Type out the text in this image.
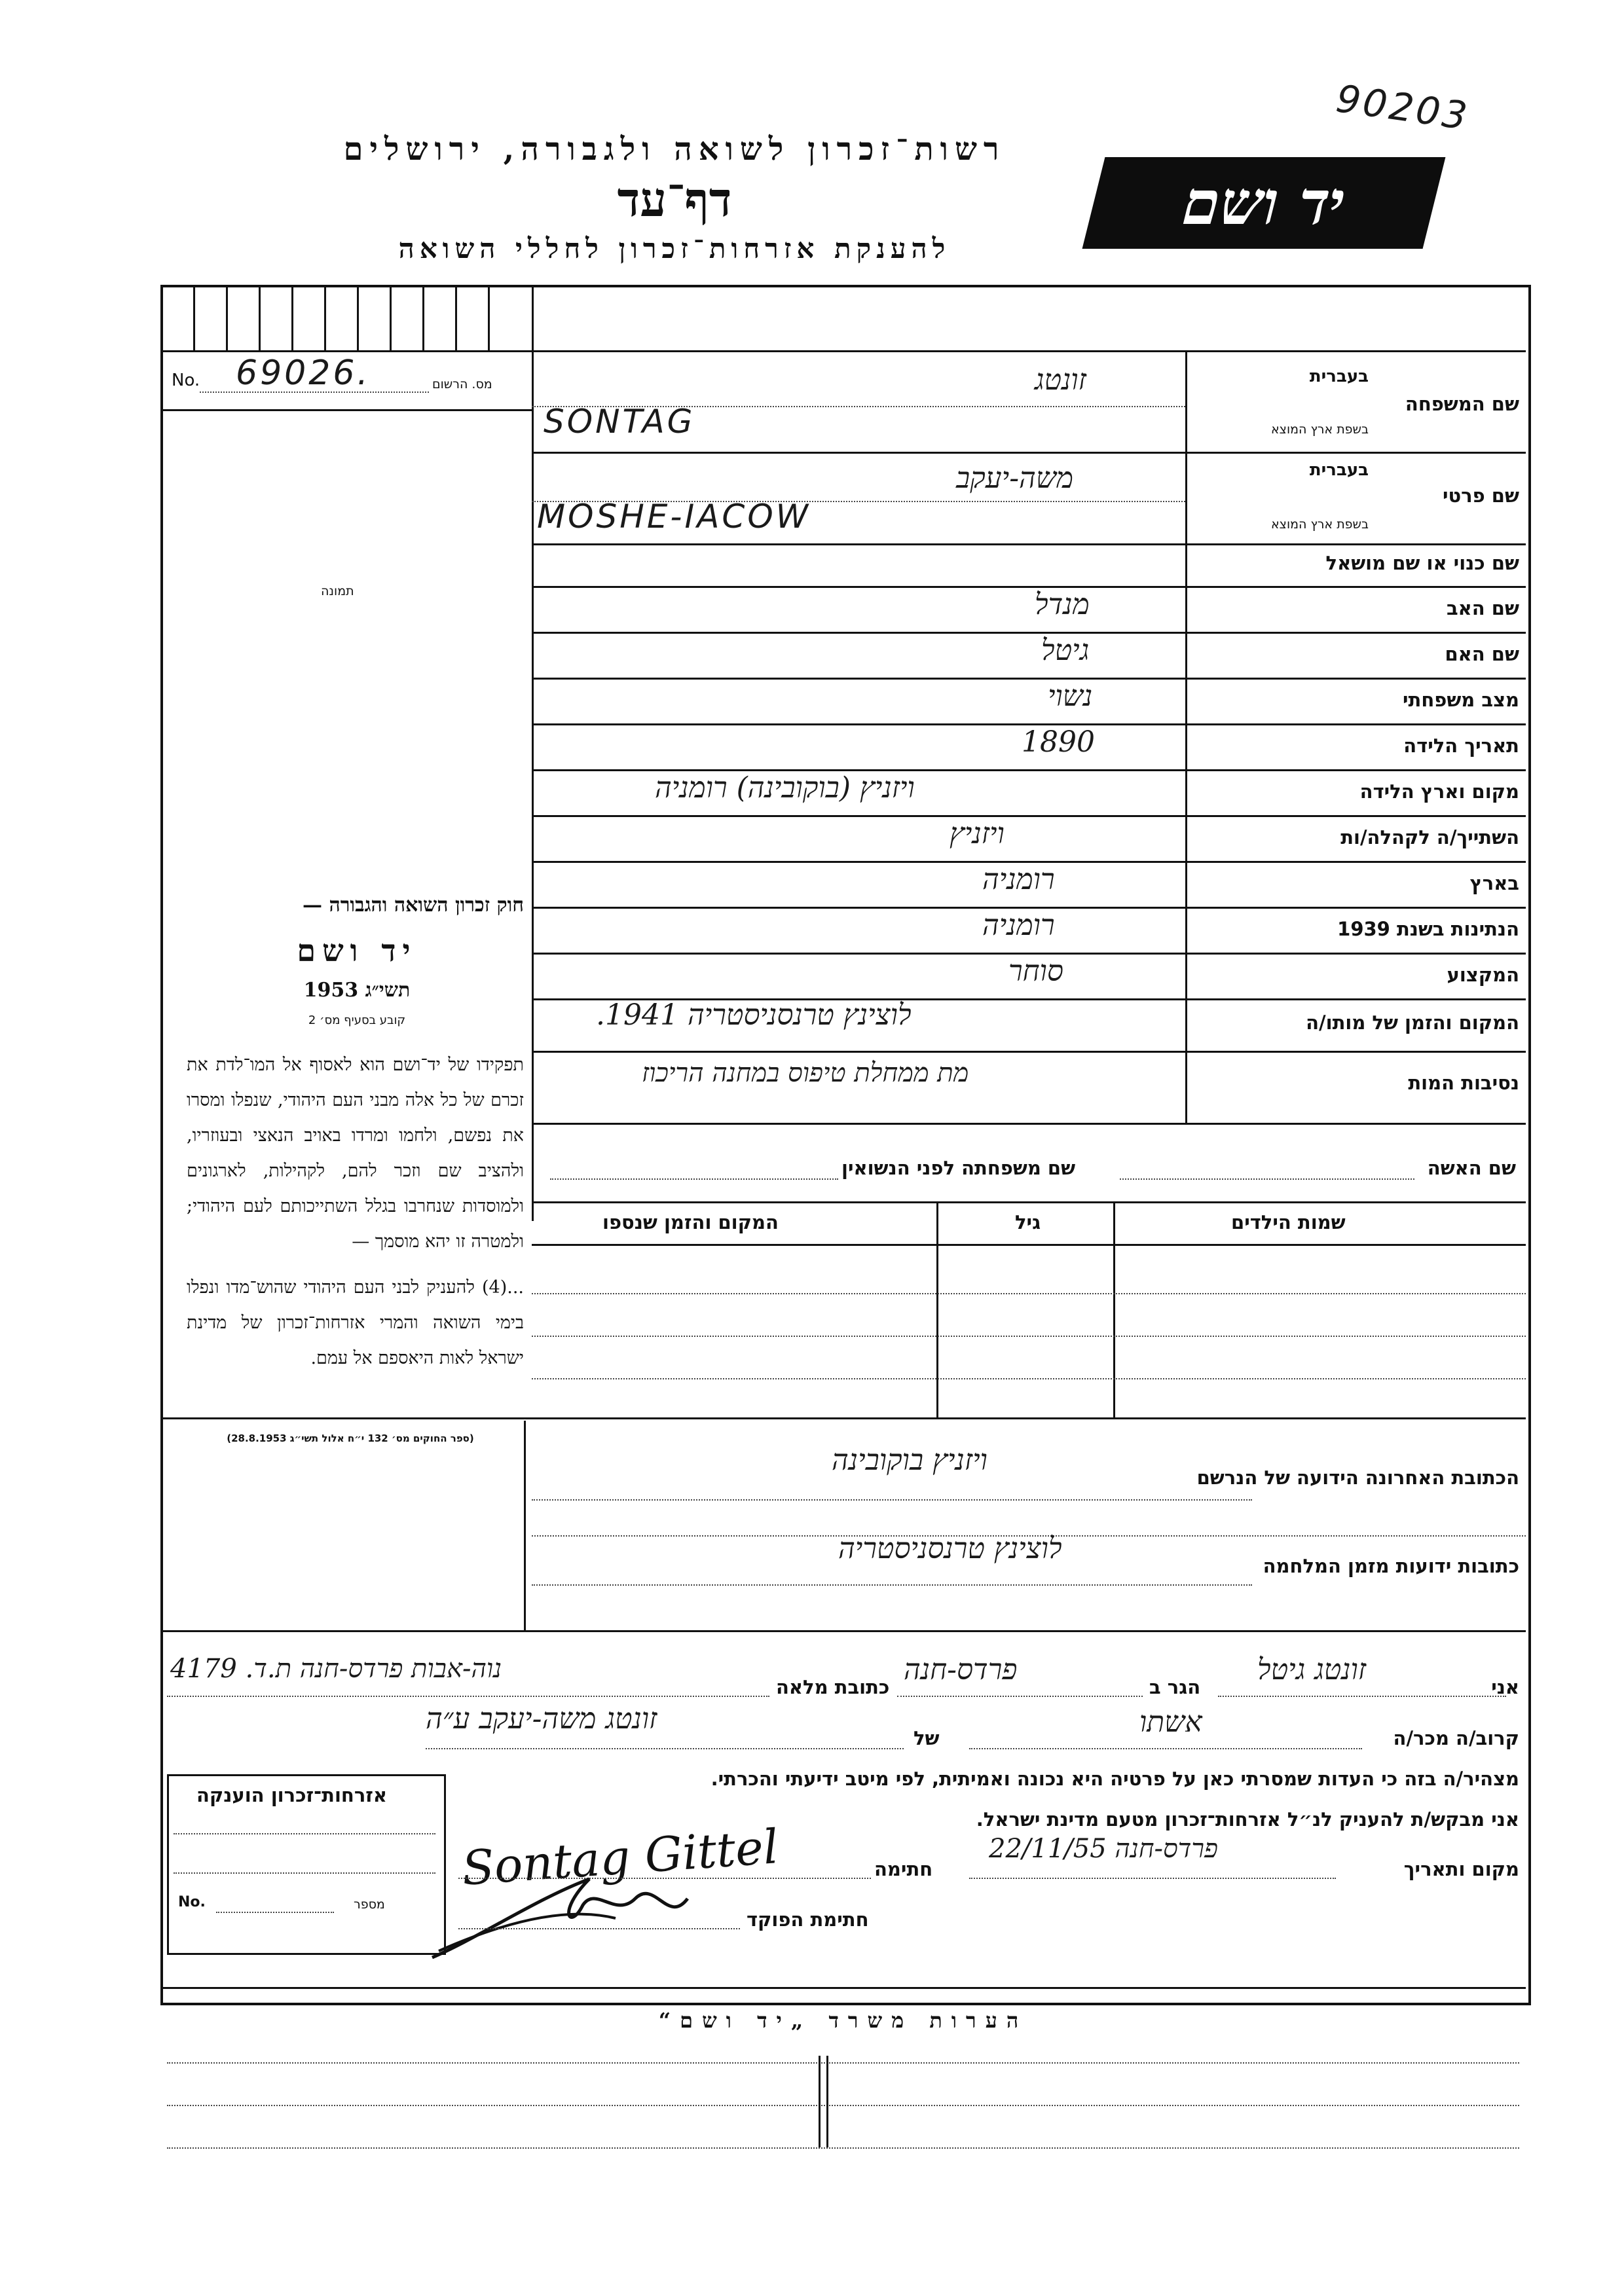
90203
רשות־זכרון לשואה ולגבורה, ירושלים
דף־עד
להענקת אזרחות־זכרון לחללי השואה
יד ושם
No. 69026.	מס. הרשום
תמונה
שם המשפחה
בעברית
בשפת ארץ המוצא
זונטג
SONTAG
שם פרטי
בעברית
בשפת ארץ המוצא
משה-יעקב
MOSHE-IACOW
שם כנוי או שם מושאל
שם האב
מנדל
שם האם
גיטל
מצב משפחתי
נשוי
תאריך הלידה
1890
מקום וארץ הלידה
ויזניץ (בוקובינה) רומניה
השתייך/ה לקהלה/ות
ויזניץ
בארץ
רומניה
הנתינות בשנת 1939
רומניה
המקצוע
סוחר
המקום והזמן של מותו/ה
לוצינץ טרנסניסטריה 1941.
נסיבות המות
מת ממחלת טיפוס במחנה הריכוז
חוק זכרון השואה והגבורה —
יד ושם
תשי״ג 1953
קובע בסעיף מס׳ 2
תפקידו של יד־ושם הוא לאסוף אל המו־לדת את זכרם של כל אלה מבני העם היהודי, שנפלו ומסרו את נפשם, ולחמו ומרדו באויב הנאצי ובעוזריו, ולהציב שם וזכר להם, לקהילות, לארגונים ולמוסדות שנחרבו בגלל השתייכותם לעם היהודי; ולמטרה זו יהא מוסמך —
...(4) להעניק לבני העם היהודי שהוש־מדו ונפלו בימי השואה והמרי אזרחות־זכרון של מדינת ישראל לאות היאספם אל עמם.
(ספר החוקים מס׳ 132 י״ח אלול תשי״ג 28.8.1953)
שם האשה
שם משפחתה לפני הנשואין
שמות הילדים
גיל
המקום והזמן שנספו
הכתובת האחרונה הידועה של הנרשם
ויזניץ בוקובינה
כתובות ידועות מזמן המלחמה
לוצינץ טרנסניסטריה
אני
זונטג גיטל
הגר ב
פרדס-חנה
כתובת מלאה
נוה-אבות פרדס-חנה ת.ד. 4179
קרוב/ה מכר/ה
אשתו
של
זונטג משה-יעקב ע״ה
מצהיר/ה בזה כי העדות שמסרתי כאן על פרטיה היא נכונה ואמיתית, לפי מיטב ידיעתי והכרתי.
אני מבקש/ת להעניק לנ״ל אזרחות־זכרון מטעם מדינת ישראל.
מקום ותאריך
פרדס-חנה 22/11/55
חתימה
Sontag Gittel
חתימת הפוקד
אזרחות־זכרון הוענקה
No.	מספר
הערות משרד „יד ושם“
